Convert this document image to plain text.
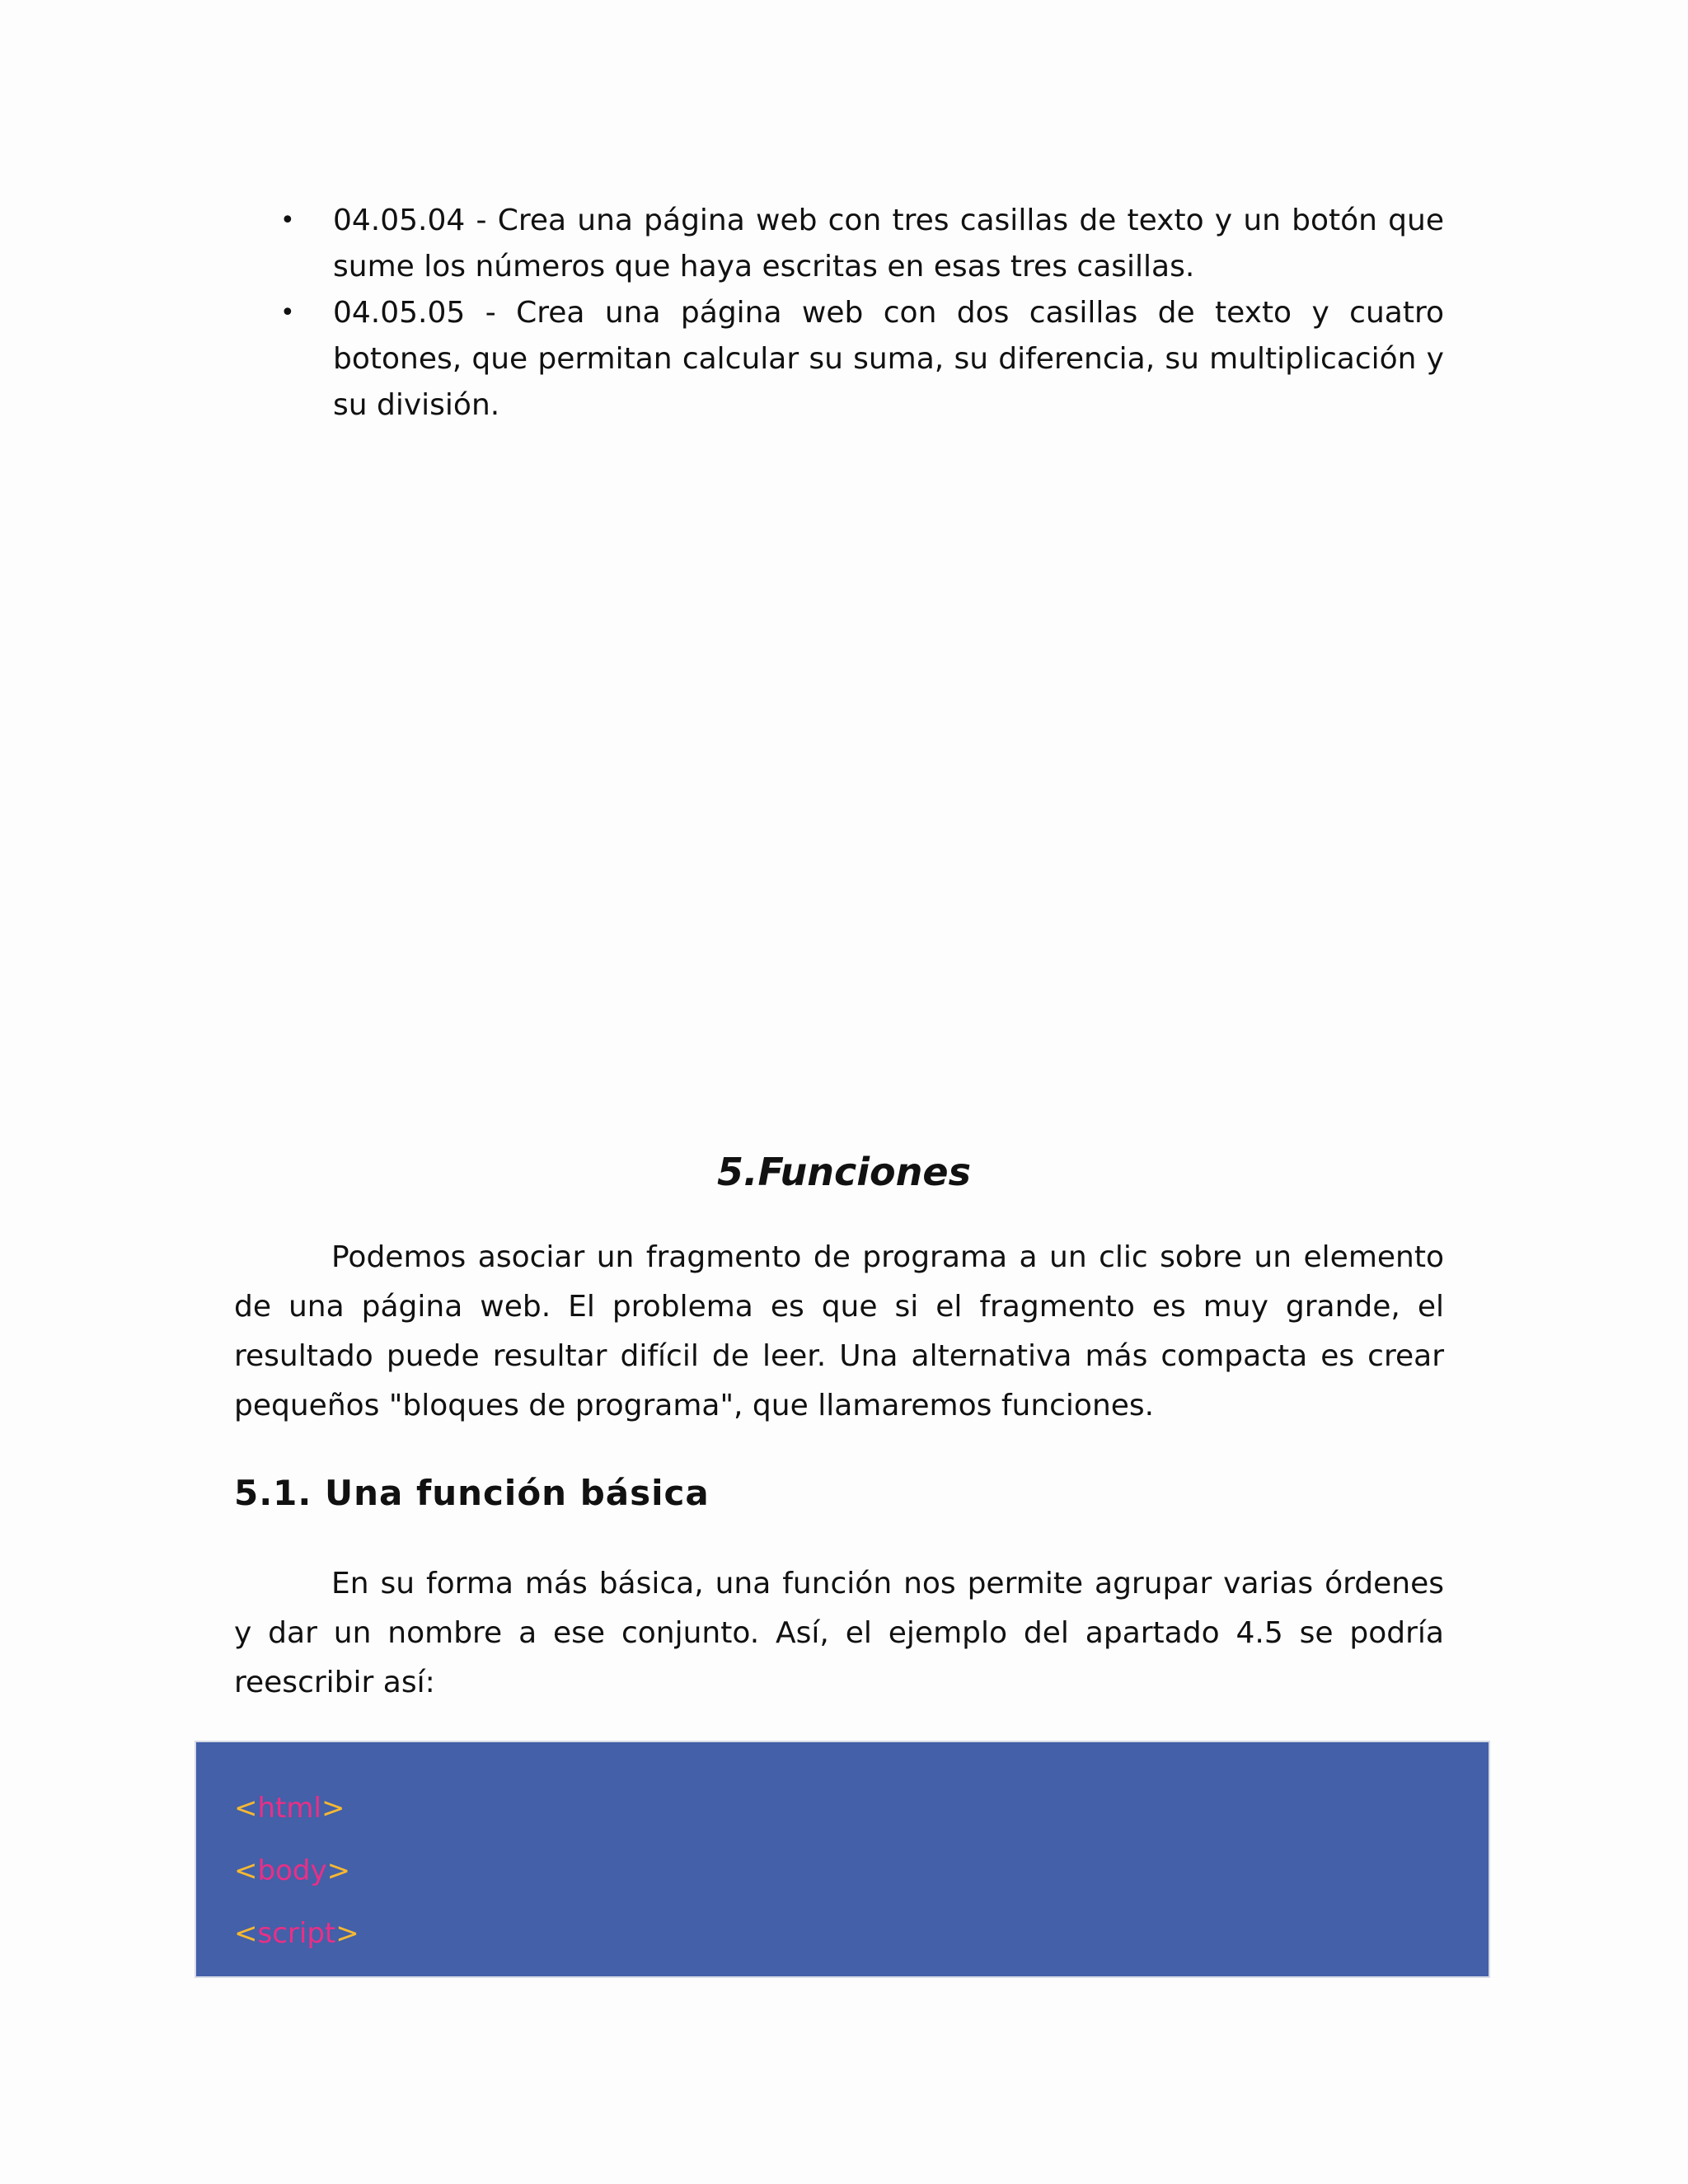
•	04.05.04 - Crea una página web con tres casillas de texto y un botón que sume los números que haya escritas en esas tres casillas.
•	04.05.05 - Crea una página web con dos casillas de texto y cuatro botones, que permitan calcular su suma, su diferencia, su multiplicación y su división.
5.Funciones

Podemos asociar un fragmento de programa a un clic sobre un elemento de una página web. El problema es que si el fragmento es muy grande, el resultado puede resultar difícil de leer. Una alternativa más compacta es crear pequeños "bloques de programa", que llamaremos funciones.

5.1. Una función básica

En su forma más básica, una función nos permite agrupar varias órdenes y dar un nombre a ese conjunto. Así, el ejemplo del apartado 4.5 se podría reescribir así:

<html>
<body>
<script>
